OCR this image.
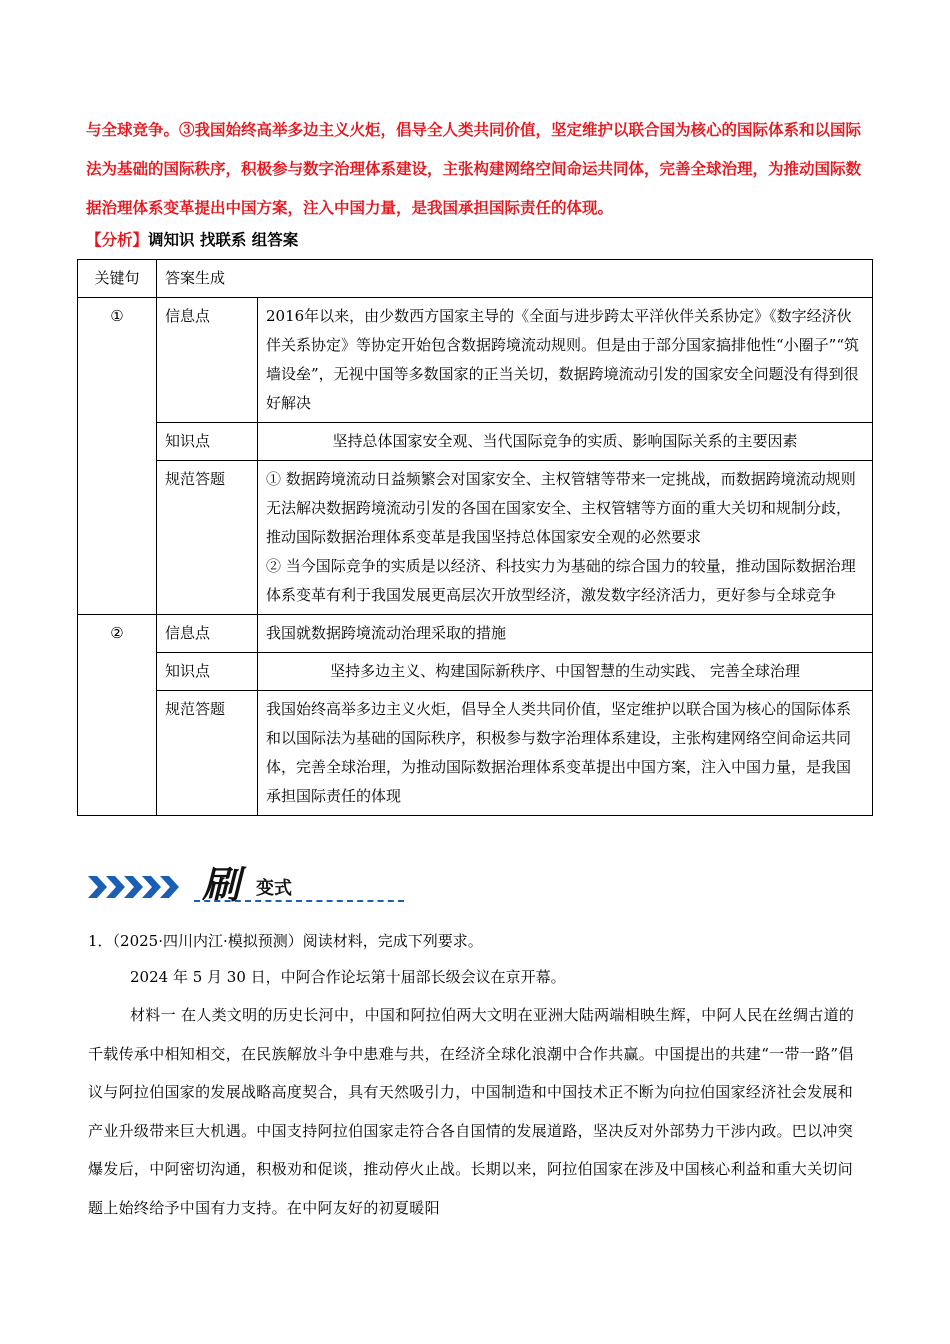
与全球竞争。③我国始终高举多边主义火炬，倡导全人类共同价值，坚定维护以联合国为核心的国际体系和以国际法为基础的国际秩序，积极参与数字治理体系建设，主张构建网络空间命运共同体，完善全球治理，为推动国际数据治理体系变革提出中国方案，注入中国力量，是我国承担国际责任的体现。

【分析】调知识 找联系 组答案
关键句	答案生成	
①	信息点	2016年以来，由少数西方国家主导的《全面与进步跨太平洋伙伴关系协定》《数字经济伙伴关系协定》等协定开始包含数据跨境流动规则。但是由于部分国家搞排他性“小圈子”“筑墙设垒”，无视中国等多数国家的正当关切，数据跨境流动引发的国家安全问题没有得到很好解决
	知识点	坚持总体国家安全观、当代国际竞争的实质、影响国际关系的主要因素
	规范答题	① 数据跨境流动日益频繁会对国家安全、主权管辖等带来一定挑战，而数据跨境流动规则无法解决数据跨境流动引发的各国在国家安全、主权管辖等方面的重大关切和规制分歧，推动国际数据治理体系变革是我国坚持总体国家安全观的必然要求
② 当今国际竞争的实质是以经济、科技实力为基础的综合国力的较量，推动国际数据治理体系变革有利于我国发展更高层次开放型经济，激发数字经济活力，更好参与全球竞争

②	信息点	我国就数据跨境流动治理采取的措施
	知识点	坚持多边主义、构建国际新秩序、中国智慧的生动实践、 完善全球治理
	规范答题	我国始终高举多边主义火炬，倡导全人类共同价值，坚定维护以联合国为核心的国际体系和以国际法为基础的国际秩序，积极参与数字治理体系建设，主张构建网络空间命运共同体，完善全球治理，为推动国际数据治理体系变革提出中国方案，注入中国力量，是我国承担国际责任的体现
刷 变式
1．（2025·四川内江·模拟预测）阅读材料，完成下列要求。
2024 年 5 月 30 日，中阿合作论坛第十届部长级会议在京开幕。

材料一 在人类文明的历史长河中，中国和阿拉伯两大文明在亚洲大陆两端相映生辉，中阿人民在丝绸古道的千载传承中相知相交，在民族解放斗争中患难与共，在经济全球化浪潮中合作共赢。中国提出的共建“一带一路”倡议与阿拉伯国家的发展战略高度契合，具有天然吸引力，中国制造和中国技术正不断为向拉伯国家经济社会发展和产业升级带来巨大机遇。中国支持阿拉伯国家走符合各自国情的发展道路，坚决反对外部势力干涉内政。巴以冲突爆发后，中阿密切沟通，积极劝和促谈，推动停火止战。长期以来，阿拉伯国家在涉及中国核心利益和重大关切问题上始终给予中国有力支持。在中阿友好的初夏暖阳
